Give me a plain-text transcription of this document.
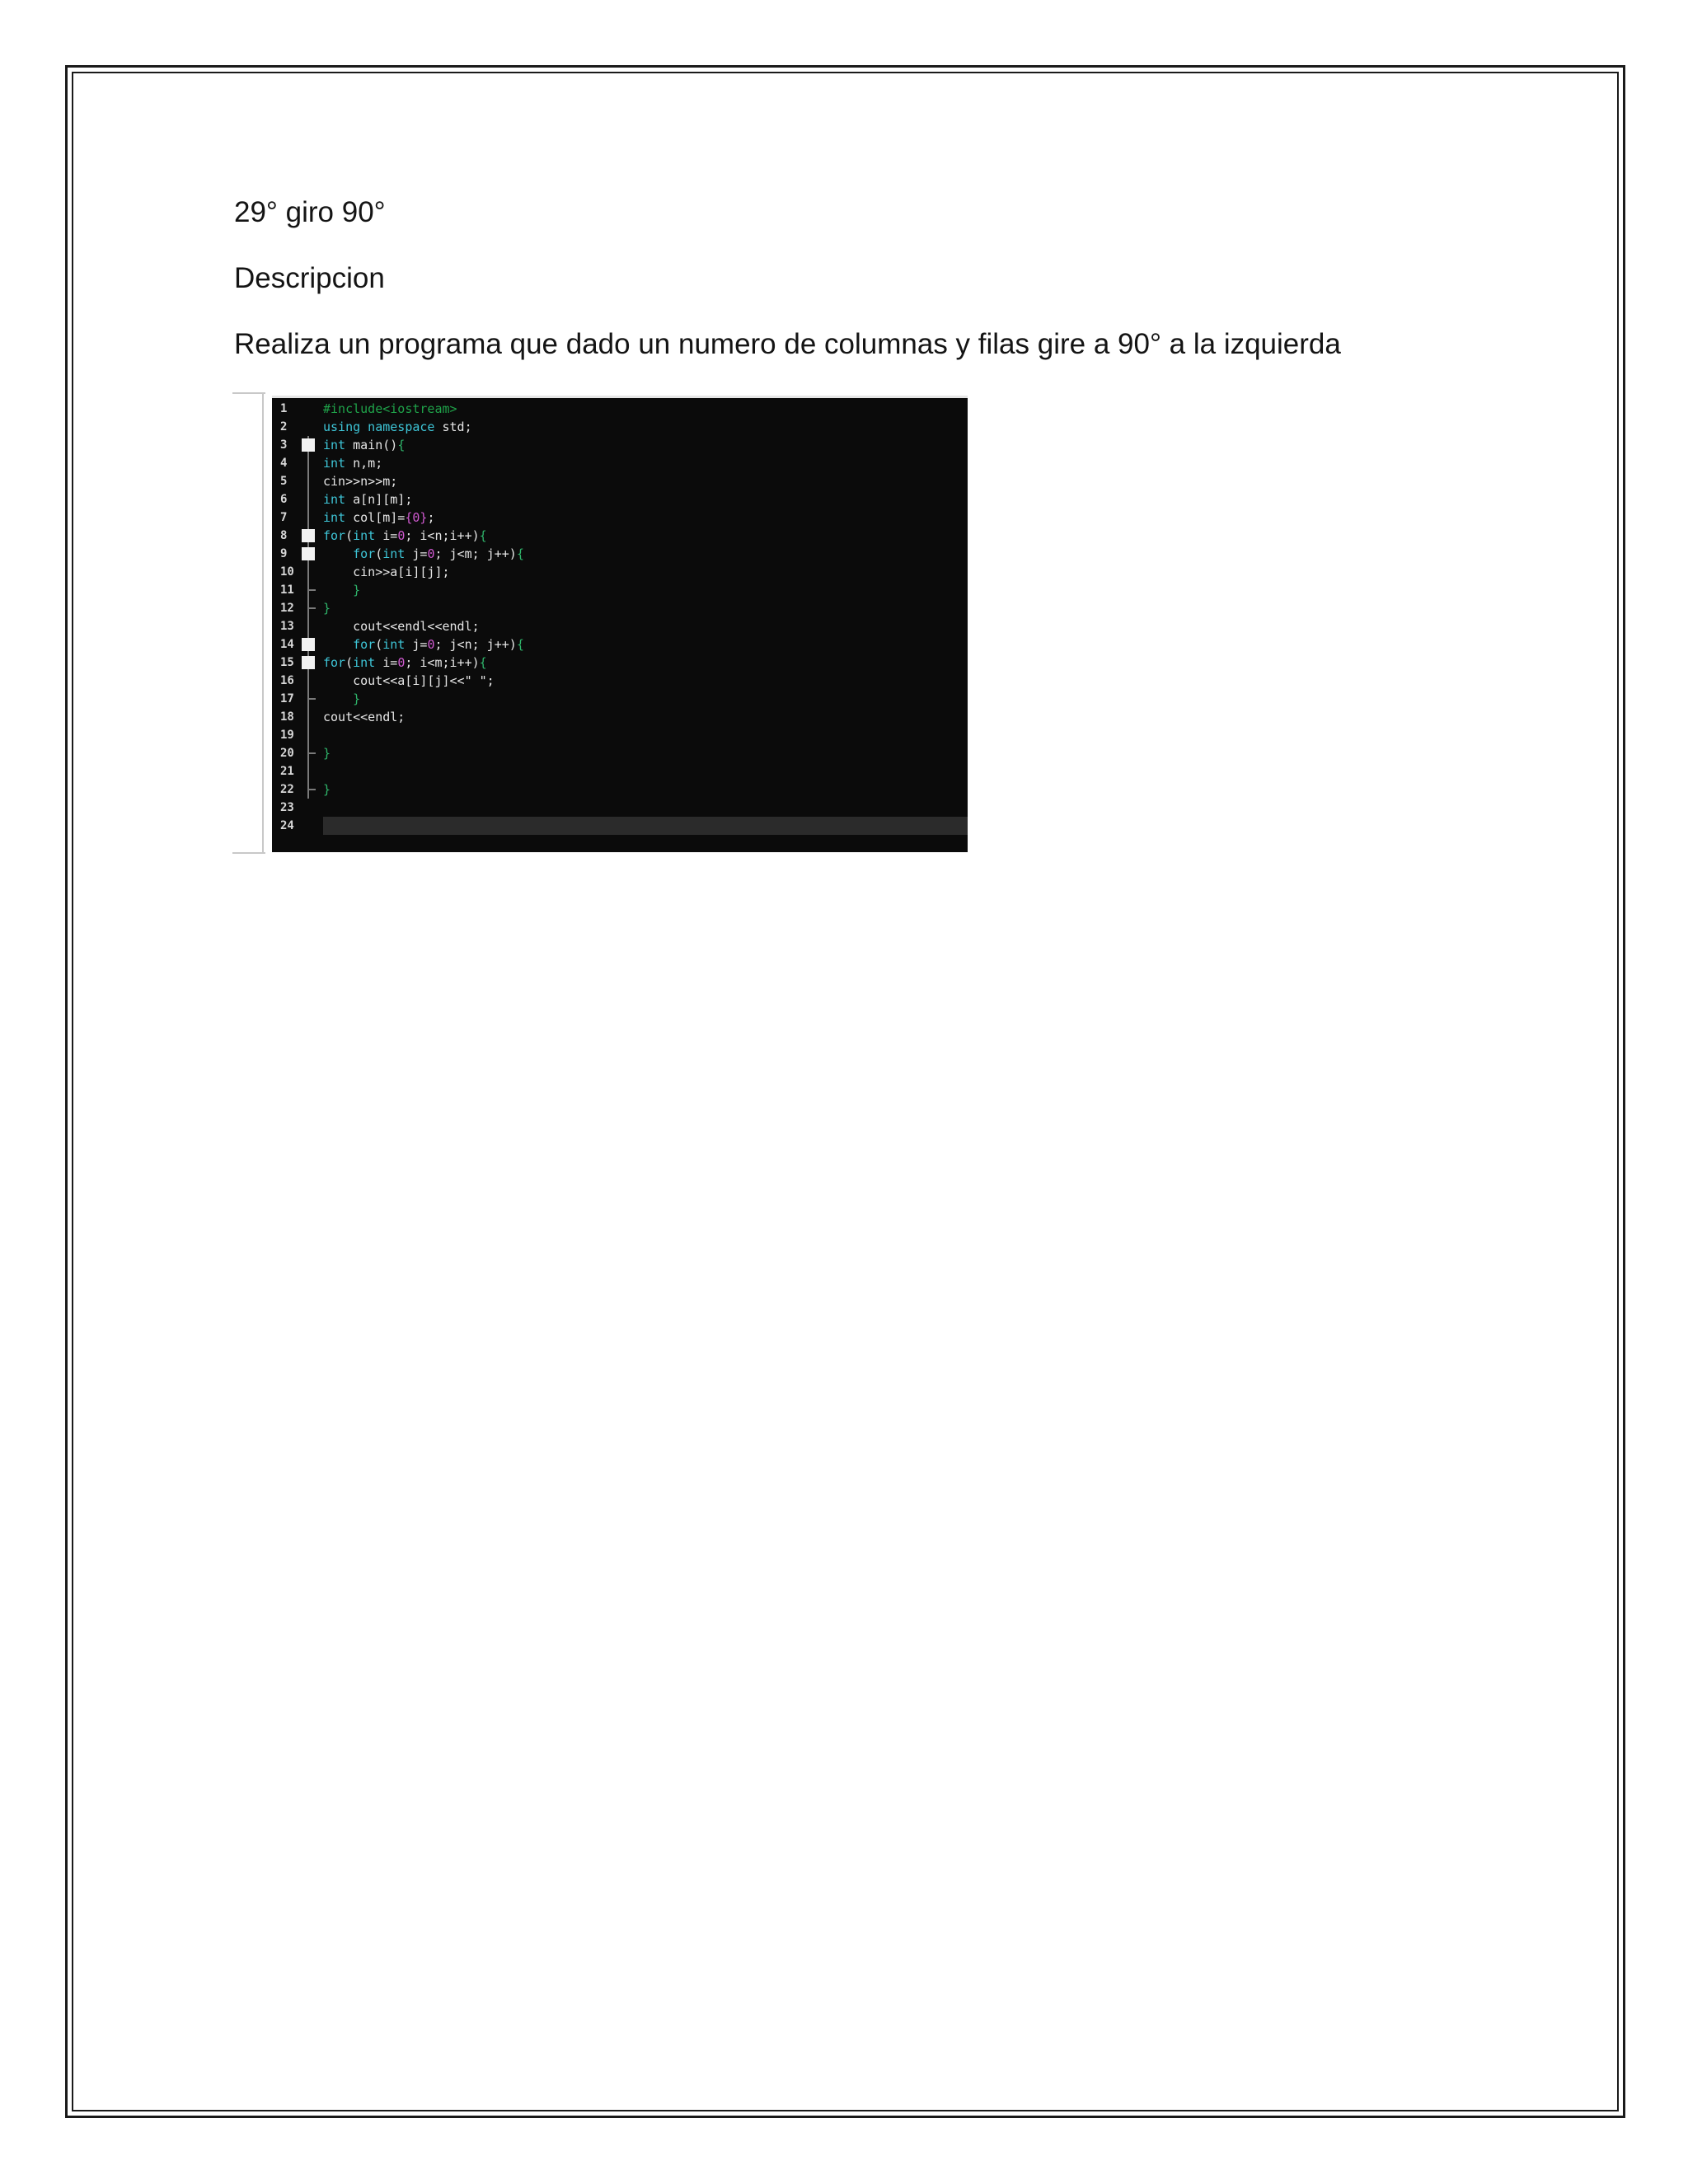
29° giro 90°
Descripcion
Realiza un programa que dado un numero de columnas y filas gire a 90° a la izquierda
1	#include<iostream>
2	using namespace std;
3	int main(){
4	int n,m;
5	cin>>n>>m;
6	int a[n][m];
7	int col[m]={0};
8	for(int i=0; i<n;i++){
9	for(int j=0; j<m; j++){
10	cin>>a[i][j];
11	}
12	}
13	cout<<endl<<endl;
14	for(int j=0; j<n; j++){
15	for(int i=0; i<m;i++){
16	cout<<a[i][j]<<" ";
17	}
18	cout<<endl;
19
20	}
21
22	}
23
24
